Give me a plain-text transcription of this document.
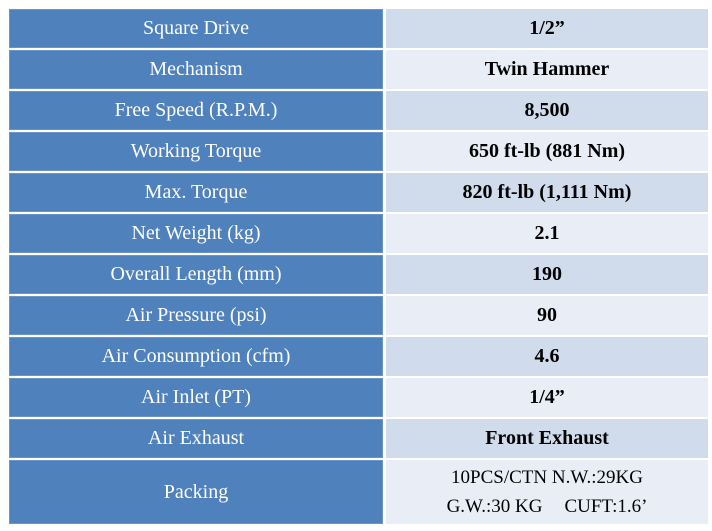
Square Drive	1/2”
Mechanism	Twin Hammer
Free Speed (R.P.M.)	8,500
Working Torque	650 ft-lb (881 Nm)
Max. Torque	820 ft-lb (1,111 Nm)
Net Weight (kg)	2.1
Overall Length (mm)	190
Air Pressure (psi)	90
Air Consumption (cfm)	4.6
Air Inlet (PT)	1/4”
Air Exhaust	Front Exhaust
Packing	10PCS/CTN N.W.:29KG
G.W.:30 KG CUFT:1.6’
